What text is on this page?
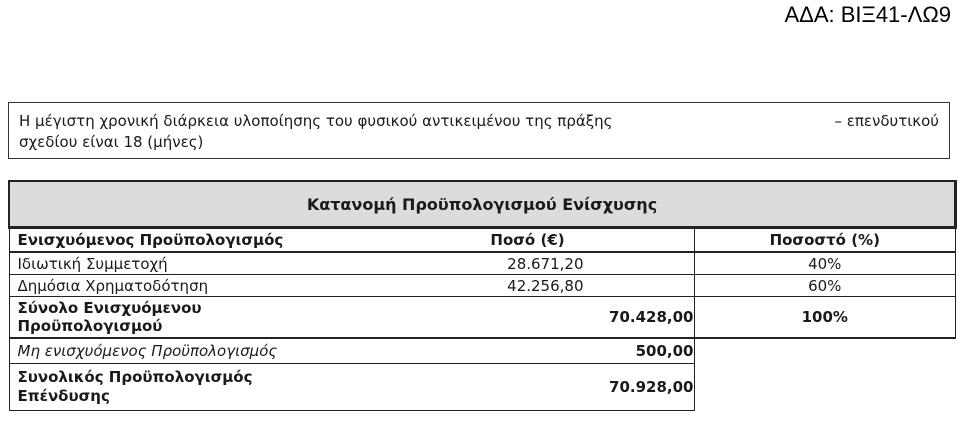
ΑΔΑ: ΒΙΞ41-ΛΩ9
Η μέγιστη χρονική διάρκεια υλοποίησης του φυσικού αντικειμένου της πράξης	– επενδυτικού
σχεδίου είναι 18 (μήνες)
Κατανομή Προϋπολογισμού Ενίσχυσης		
Ενισχυόμενος Προϋπολογισμός	Ποσό (€)	Ποσοστό (%)
Ιδιωτική Συμμετοχή	28.671,20	40%
Δημόσια Χρηματοδότηση	42.256,80	60%

Σύνολο Ενισχυόμενου
Προϋπολογισμού	70.428,00	100%
Μη ενισχυόμενος Προϋπολογισμός	500,00	

Συνολικός Προϋπολογισμός
Επένδυσης	70.928,00	
